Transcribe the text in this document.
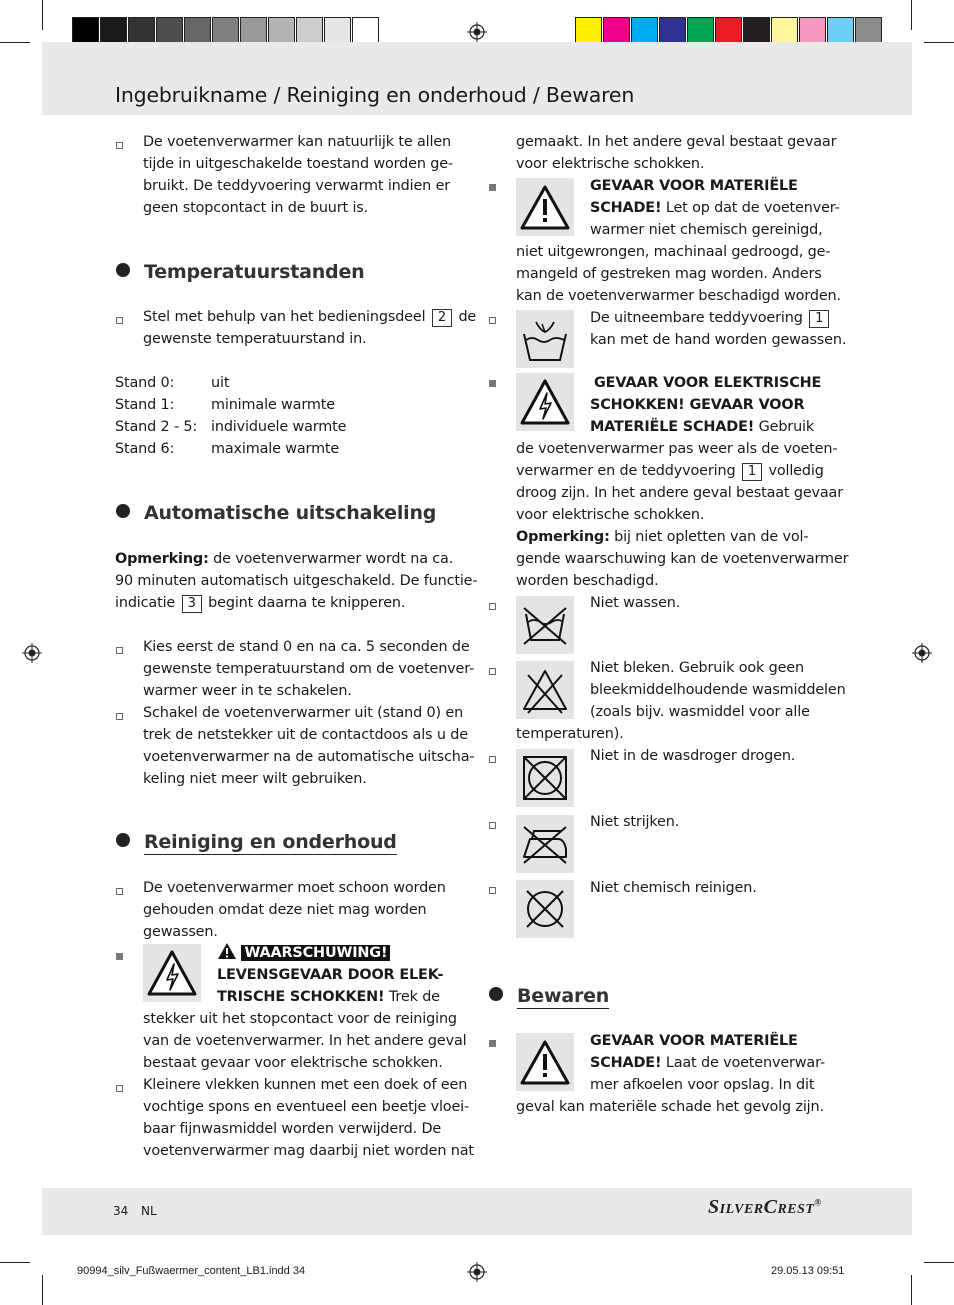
Ingebruikname / Reiniging en onderhoud / Bewaren
De voetenverwarmer kan natuurlijk te allen
tijde in uitgeschakelde toestand worden ge-
bruikt. De teddyvoering verwarmt indien er
geen stopcontact in de buurt is.
Temperatuurstanden
Stel met behulp van het bedieningsdeel 2 de
gewenste temperatuurstand in.
Stand 0:	uit
Stand 1:	minimale warmte
Stand 2 - 5: individuele warmte
Stand 6:	maximale warmte
Automatische uitschakeling
Opmerking: de voetenverwarmer wordt na ca.
90 minuten automatisch uitgeschakeld. De functie-
indicatie 3 begint daarna te knipperen.
Kies eerst de stand 0 en na ca. 5 seconden de
gewenste temperatuurstand om de voetenver-
warmer weer in te schakelen.
Schakel de voetenverwarmer uit (stand 0) en
trek de netstekker uit de contactdoos als u de
voetenverwarmer na de automatische uitscha-
keling niet meer wilt gebruiken.
Reiniging en onderhoud
De voetenverwarmer moet schoon worden
gehouden omdat deze niet mag worden
gewassen.
WAARSCHUWING!
LEVENSGEVAAR DOOR ELEK-
TRISCHE SCHOKKEN! Trek de
stekker uit het stopcontact voor de reiniging
van de voetenverwarmer. In het andere geval
bestaat gevaar voor elektrische schokken.
Kleinere vlekken kunnen met een doek of een
vochtige spons en eventueel een beetje vloei-
baar fijnwasmiddel worden verwijderd. De
voetenverwarmer mag daarbij niet worden nat
gemaakt. In het andere geval bestaat gevaar
voor elektrische schokken.
GEVAAR VOOR MATERIËLE
SCHADE! Let op dat de voetenver-
warmer niet chemisch gereinigd,
niet uitgewrongen, machinaal gedroogd, ge-
mangeld of gestreken mag worden. Anders
kan de voetenverwarmer beschadigd worden.
De uitneembare teddyvoering 1
kan met de hand worden gewassen.
GEVAAR VOOR ELEKTRISCHE
SCHOKKEN! GEVAAR VOOR
MATERIËLE SCHADE! Gebruik
de voetenverwarmer pas weer als de voeten-
verwarmer en de teddyvoering 1 volledig
droog zijn. In het andere geval bestaat gevaar
voor elektrische schokken.
Opmerking: bij niet opletten van de vol-
gende waarschuwing kan de voetenverwarmer
worden beschadigd.
Niet wassen.
Niet bleken. Gebruik ook geen
bleekmiddelhoudende wasmiddelen
(zoals bijv. wasmiddel voor alle
temperaturen).
Niet in de wasdroger drogen.
Niet strijken.
Niet chemisch reinigen.
Bewaren
GEVAAR VOOR MATERIËLE
SCHADE! Laat de voetenverwar-
mer afkoelen voor opslag. In dit
geval kan materiële schade het gevolg zijn.
34 NL	SilverCrest®
90994_silv_Fußwaermer_content_LB1.indd 34	29.05.13 09:51
